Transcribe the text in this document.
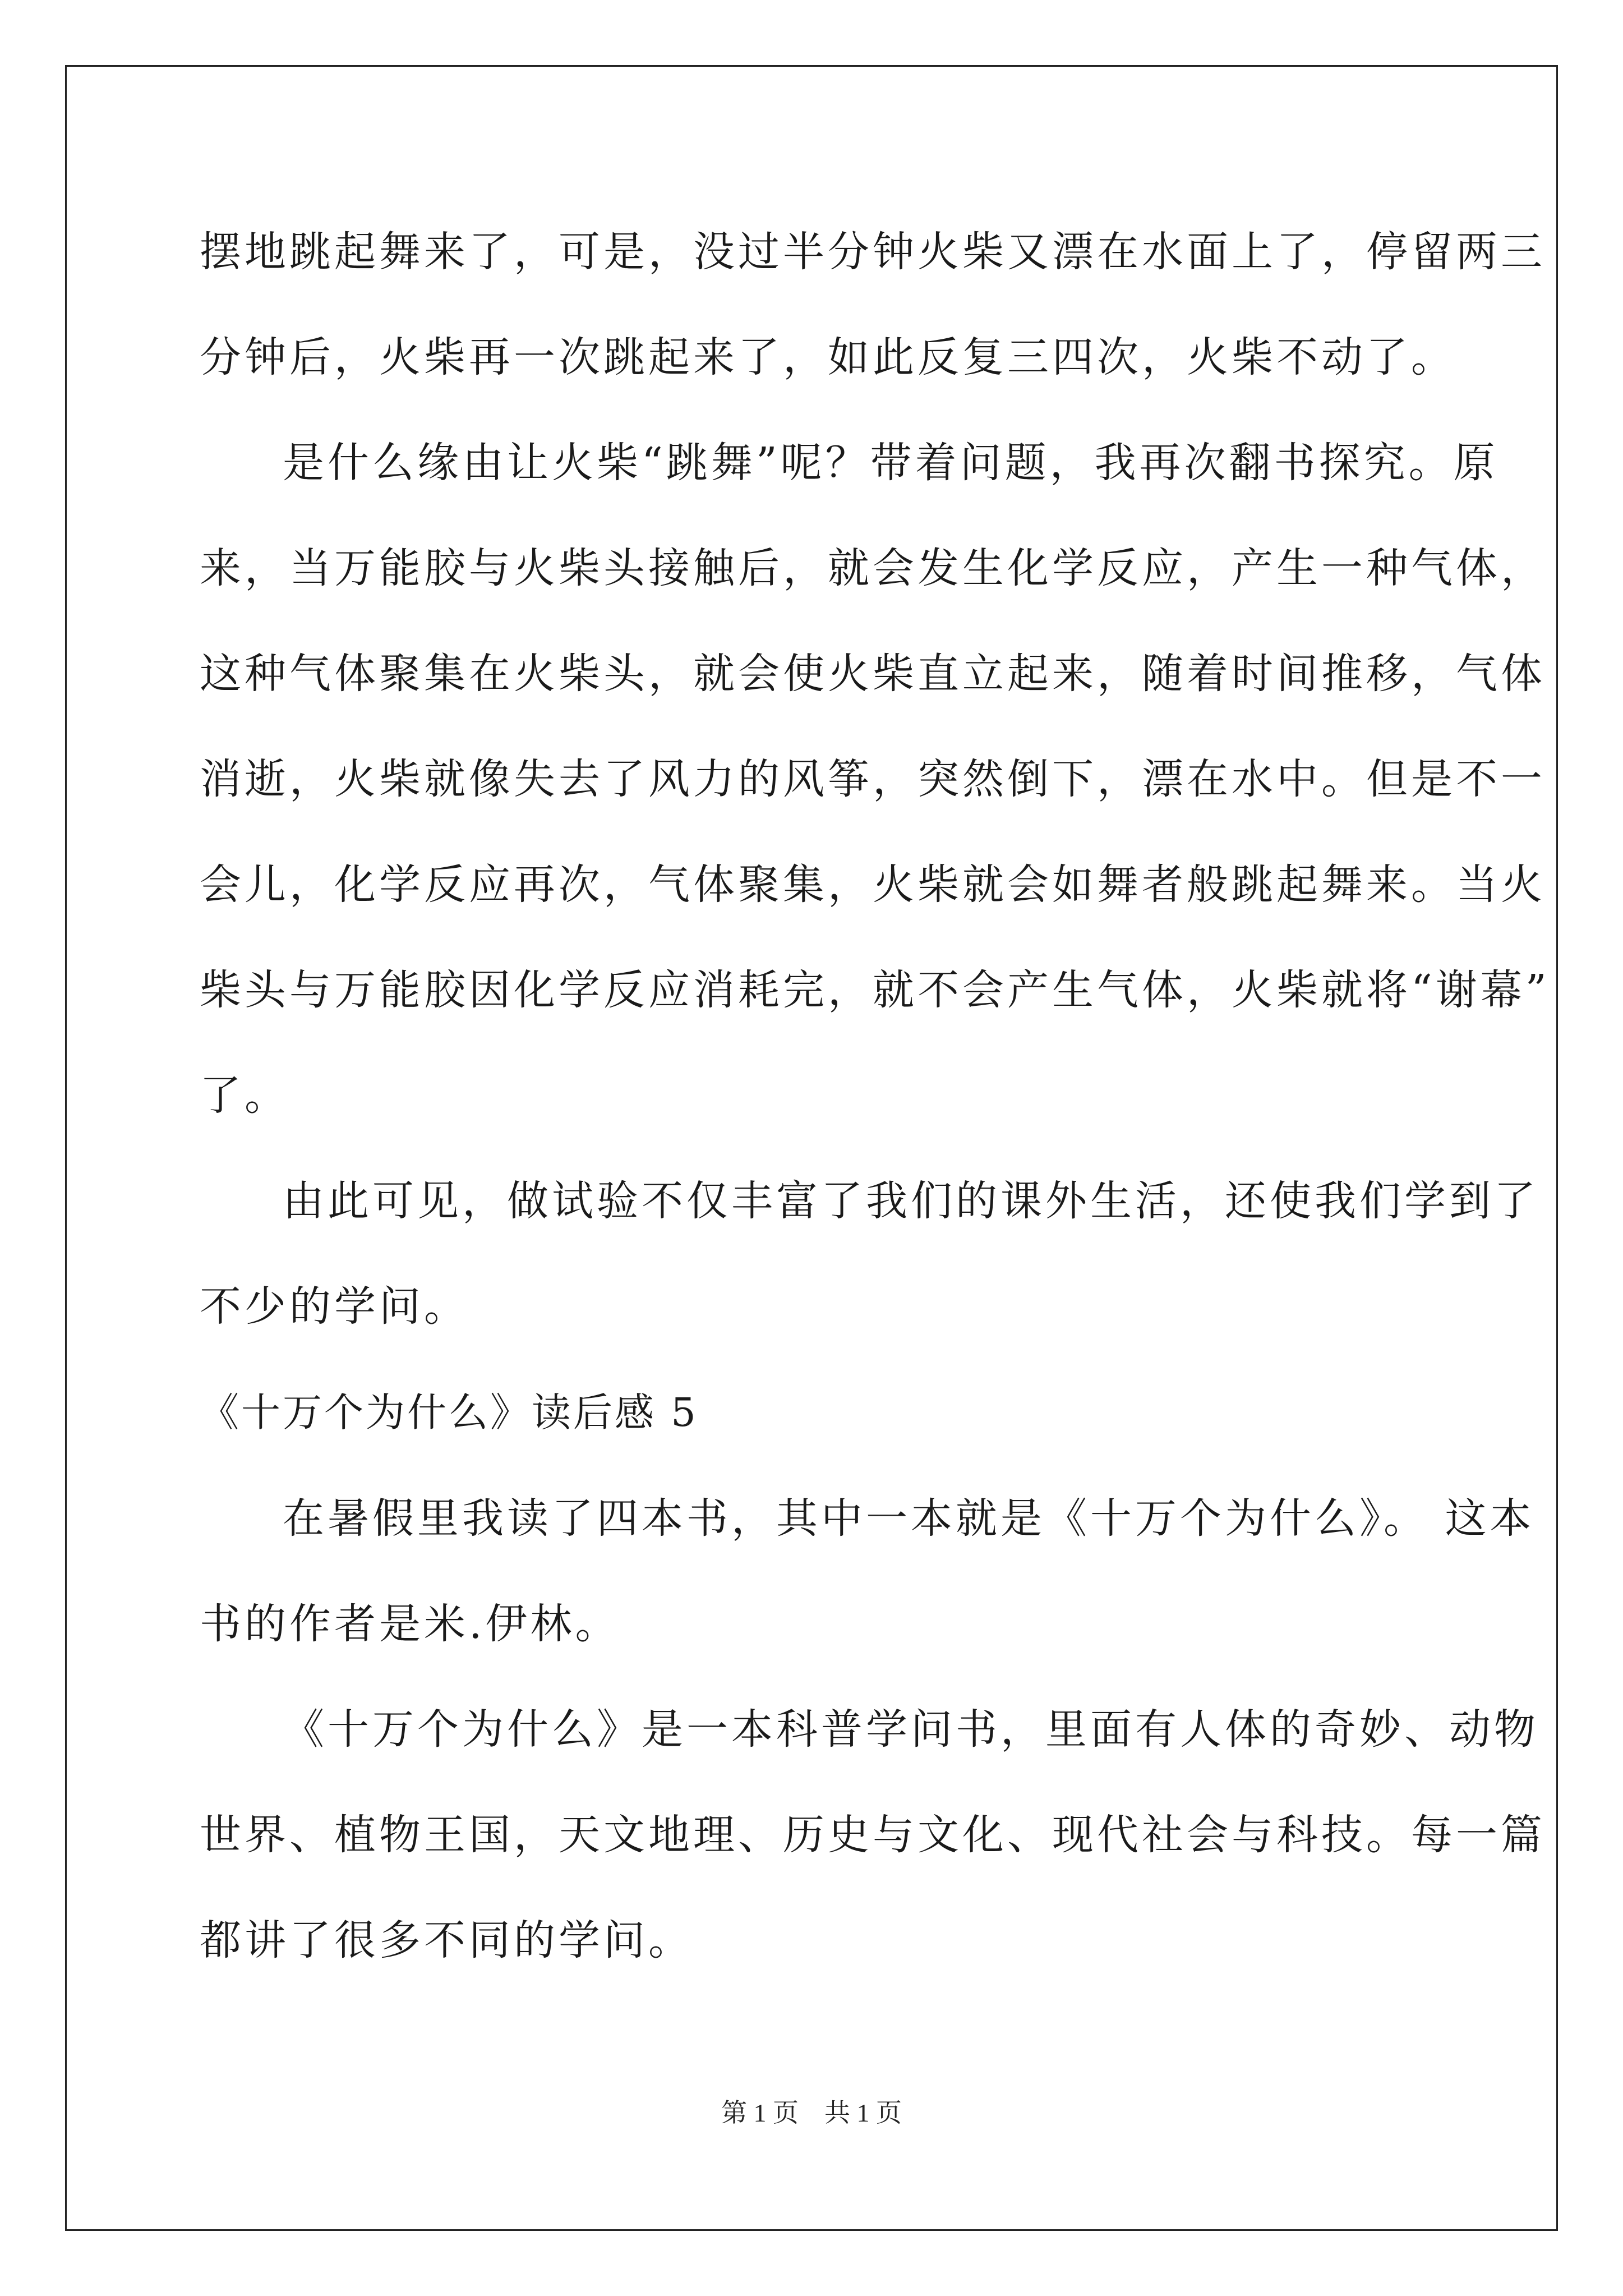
摆地跳起舞来了，可是，没过半分钟火柴又漂在水面上了，停留两三
分钟后，火柴再一次跳起来了，如此反复三四次，火柴不动了。
是什么缘由让火柴“跳舞”呢？带着问题，我再次翻书探究。原
来，当万能胶与火柴头接触后，就会发生化学反应，产生一种气体，
这种气体聚集在火柴头，就会使火柴直立起来，随着时间推移，气体
消逝，火柴就像失去了风力的风筝，突然倒下，漂在水中。但是不一
会儿，化学反应再次，气体聚集，火柴就会如舞者般跳起舞来。当火
柴头与万能胶因化学反应消耗完，就不会产生气体，火柴就将“谢幕”
了。
由此可见，做试验不仅丰富了我们的课外生活，还使我们学到了
不少的学问。
《十万个为什么》读后感 5
在暑假里我读了四本书，其中一本就是《十万个为什么》。 这本
书的作者是米.伊林。
《十万个为什么》是一本科普学问书，里面有人体的奇妙、动物
世界、植物王国，天文地理、历史与文化、现代社会与科技。每一篇
都讲了很多不同的学问。
第 1 页　共 1 页
